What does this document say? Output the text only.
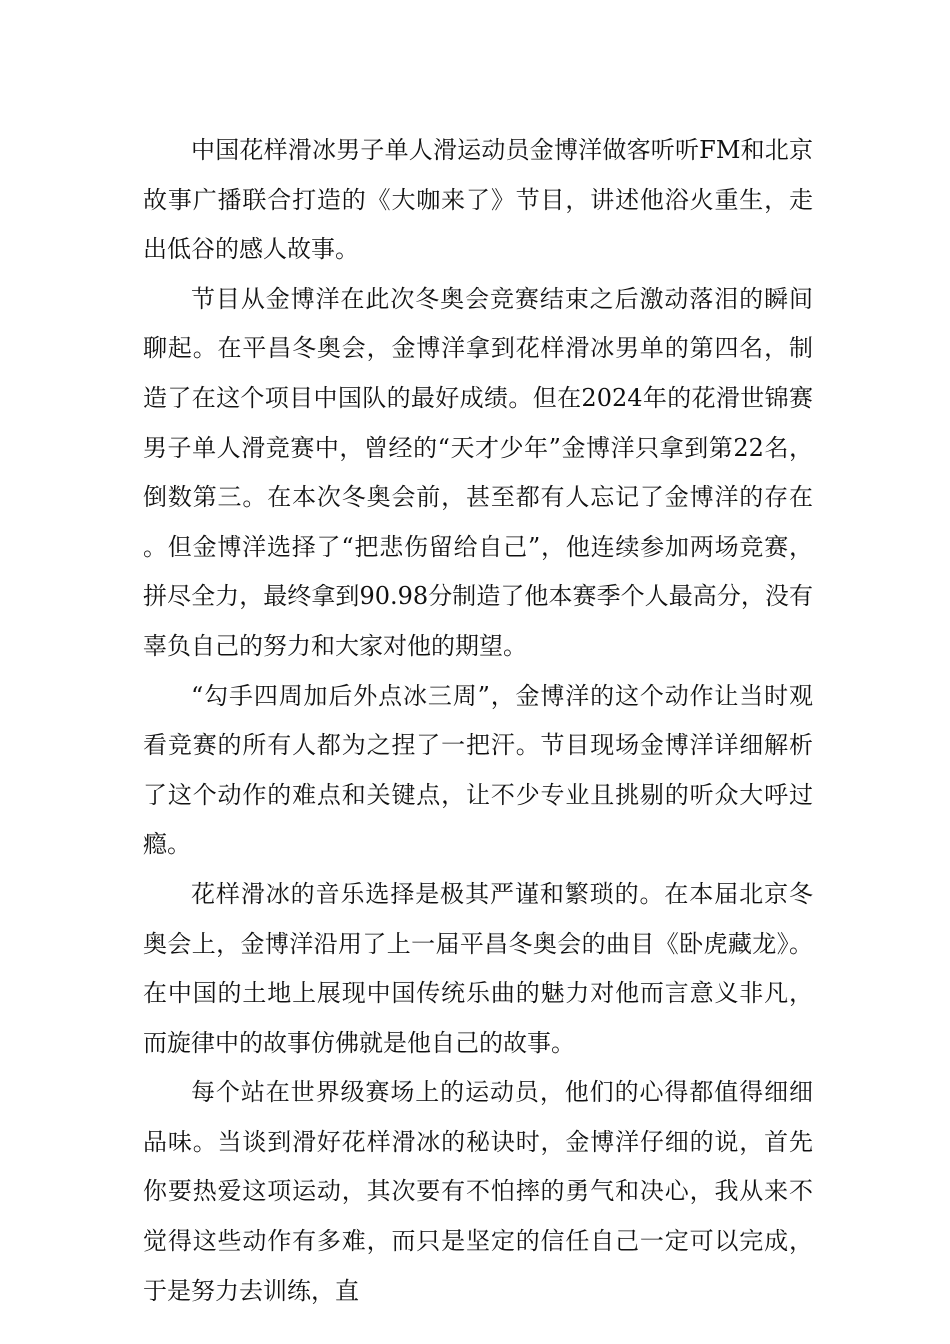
中国花样滑冰男子单人滑运动员金博洋做客听听FM和北京故事广播联合打造的《大咖来了》节目，讲述他浴火重生，走出低谷的感人故事。

节目从金博洋在此次冬奥会竞赛结束之后激动落泪的瞬间聊起。在平昌冬奥会，金博洋拿到花样滑冰男单的第四名，制造了在这个项目中国队的最好成绩。但在2024年的花滑世锦赛男子单人滑竞赛中，曾经的“天才少年”金博洋只拿到第22名，倒数第三。在本次冬奥会前，甚至都有人忘记了金博洋的存在。但金博洋选择了“把悲伤留给自己”，他连续参加两场竞赛，拼尽全力，最终拿到90.98分制造了他本赛季个人最高分，没有辜负自己的努力和大家对他的期望。

“勾手四周加后外点冰三周”，金博洋的这个动作让当时观看竞赛的所有人都为之捏了一把汗。节目现场金博洋详细解析了这个动作的难点和关键点，让不少专业且挑剔的听众大呼过瘾。

花样滑冰的音乐选择是极其严谨和繁琐的。在本届北京冬奥会上，金博洋沿用了上一届平昌冬奥会的曲目《卧虎藏龙》。在中国的土地上展现中国传统乐曲的魅力对他而言意义非凡，而旋律中的故事仿佛就是他自己的故事。

每个站在世界级赛场上的运动员，他们的心得都值得细细品味。当谈到滑好花样滑冰的秘诀时，金博洋仔细的说，首先你要热爱这项运动，其次要有不怕摔的勇气和决心，我从来不觉得这些动作有多难，而只是坚定的信任自己一定可以完成，于是努力去训练，直
